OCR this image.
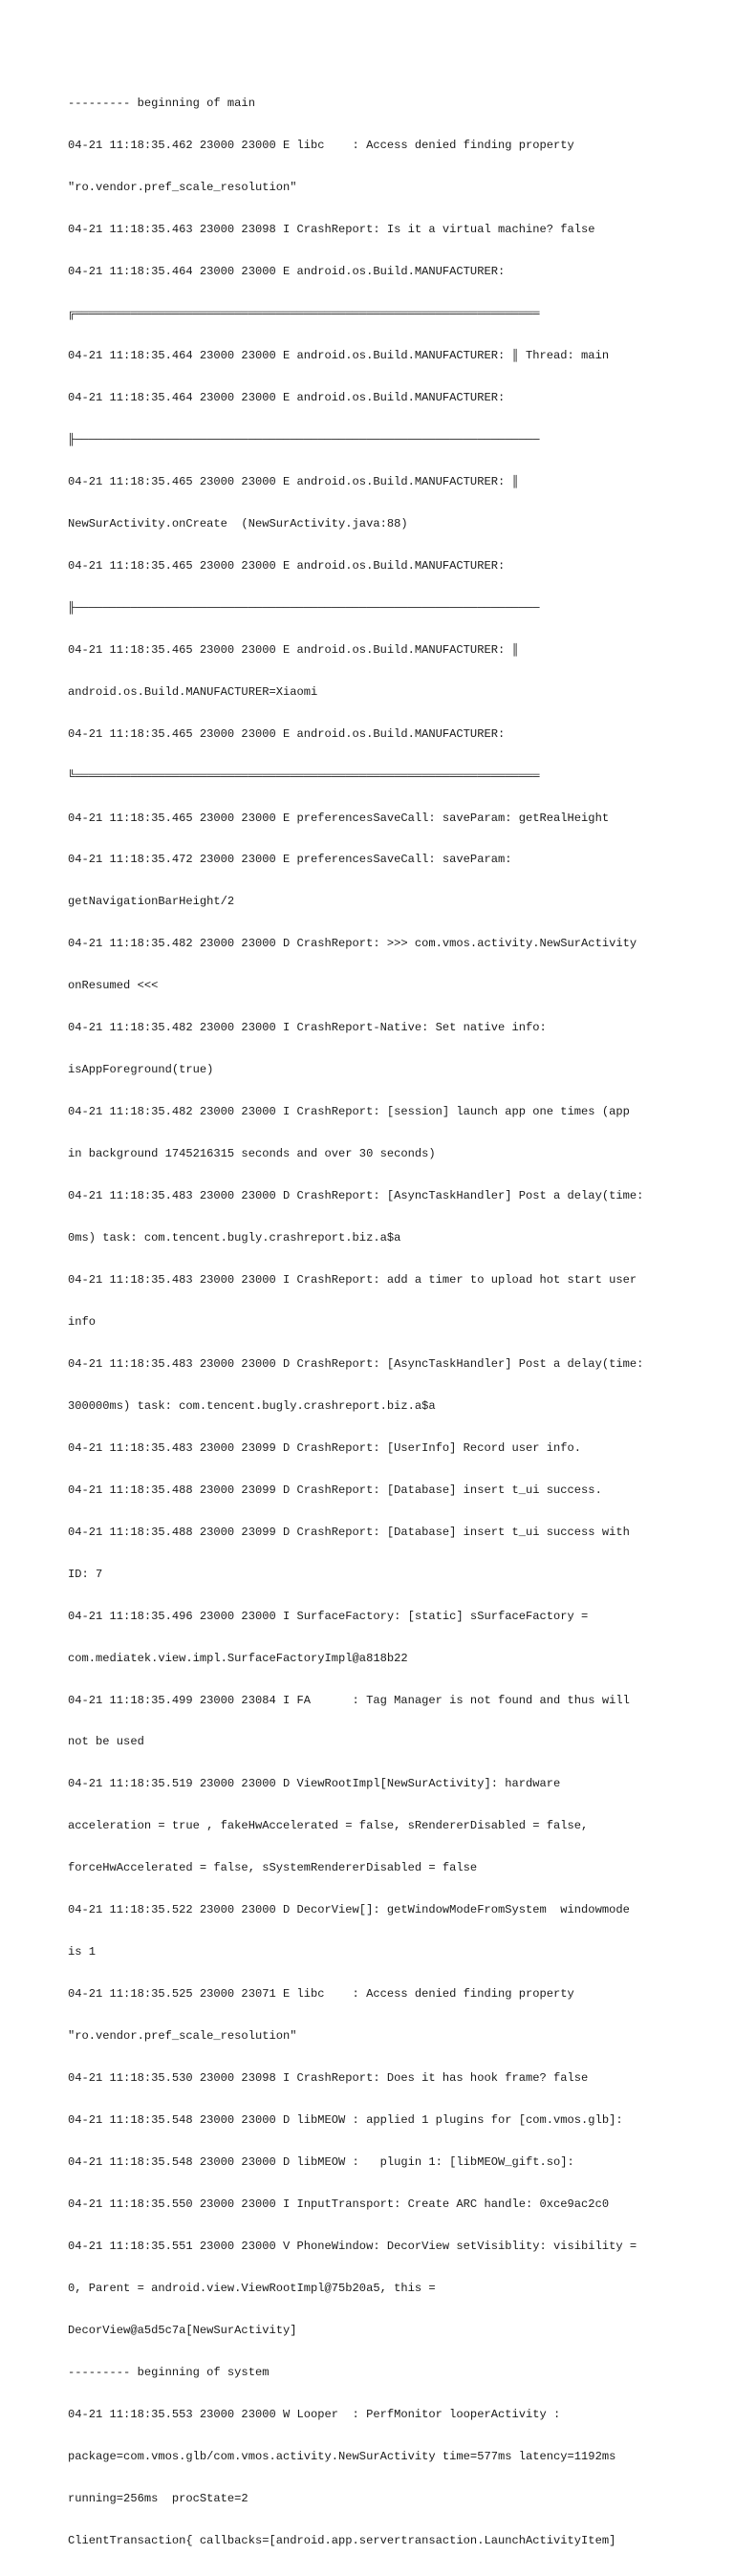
--------- beginning of main

04-21 11:18:35.462 23000 23000 E libc    : Access denied finding property

"ro.vendor.pref_scale_resolution"

04-21 11:18:35.463 23000 23098 I CrashReport: Is it a virtual machine? false

04-21 11:18:35.464 23000 23000 E android.os.Build.MANUFACTURER:

╔═══════════════════════════════════════════════════════════════════

04-21 11:18:35.464 23000 23000 E android.os.Build.MANUFACTURER: ║ Thread: main

04-21 11:18:35.464 23000 23000 E android.os.Build.MANUFACTURER:

╟───────────────────────────────────────────────────────────────────

04-21 11:18:35.465 23000 23000 E android.os.Build.MANUFACTURER: ║

NewSurActivity.onCreate  (NewSurActivity.java:88)

04-21 11:18:35.465 23000 23000 E android.os.Build.MANUFACTURER:

╟───────────────────────────────────────────────────────────────────

04-21 11:18:35.465 23000 23000 E android.os.Build.MANUFACTURER: ║

android.os.Build.MANUFACTURER=Xiaomi

04-21 11:18:35.465 23000 23000 E android.os.Build.MANUFACTURER:

╚═══════════════════════════════════════════════════════════════════

04-21 11:18:35.465 23000 23000 E preferencesSaveCall: saveParam: getRealHeight

04-21 11:18:35.472 23000 23000 E preferencesSaveCall: saveParam:

getNavigationBarHeight/2

04-21 11:18:35.482 23000 23000 D CrashReport: >>> com.vmos.activity.NewSurActivity

onResumed <<<

04-21 11:18:35.482 23000 23000 I CrashReport-Native: Set native info:

isAppForeground(true)

04-21 11:18:35.482 23000 23000 I CrashReport: [session] launch app one times (app

in background 1745216315 seconds and over 30 seconds)

04-21 11:18:35.483 23000 23000 D CrashReport: [AsyncTaskHandler] Post a delay(time:

0ms) task: com.tencent.bugly.crashreport.biz.a$a

04-21 11:18:35.483 23000 23000 I CrashReport: add a timer to upload hot start user

info

04-21 11:18:35.483 23000 23000 D CrashReport: [AsyncTaskHandler] Post a delay(time:

300000ms) task: com.tencent.bugly.crashreport.biz.a$a

04-21 11:18:35.483 23000 23099 D CrashReport: [UserInfo] Record user info.

04-21 11:18:35.488 23000 23099 D CrashReport: [Database] insert t_ui success.

04-21 11:18:35.488 23000 23099 D CrashReport: [Database] insert t_ui success with

ID: 7

04-21 11:18:35.496 23000 23000 I SurfaceFactory: [static] sSurfaceFactory =

com.mediatek.view.impl.SurfaceFactoryImpl@a818b22

04-21 11:18:35.499 23000 23084 I FA      : Tag Manager is not found and thus will

not be used

04-21 11:18:35.519 23000 23000 D ViewRootImpl[NewSurActivity]: hardware

acceleration = true , fakeHwAccelerated = false, sRendererDisabled = false,

forceHwAccelerated = false, sSystemRendererDisabled = false

04-21 11:18:35.522 23000 23000 D DecorView[]: getWindowModeFromSystem  windowmode

is 1

04-21 11:18:35.525 23000 23071 E libc    : Access denied finding property

"ro.vendor.pref_scale_resolution"

04-21 11:18:35.530 23000 23098 I CrashReport: Does it has hook frame? false

04-21 11:18:35.548 23000 23000 D libMEOW : applied 1 plugins for [com.vmos.glb]:

04-21 11:18:35.548 23000 23000 D libMEOW :   plugin 1: [libMEOW_gift.so]:

04-21 11:18:35.550 23000 23000 I InputTransport: Create ARC handle: 0xce9ac2c0

04-21 11:18:35.551 23000 23000 V PhoneWindow: DecorView setVisiblity: visibility =

0, Parent = android.view.ViewRootImpl@75b20a5, this =

DecorView@a5d5c7a[NewSurActivity]

--------- beginning of system

04-21 11:18:35.553 23000 23000 W Looper  : PerfMonitor looperActivity :

package=com.vmos.glb/com.vmos.activity.NewSurActivity time=577ms latency=1192ms

running=256ms  procState=2

ClientTransaction{ callbacks=[android.app.servertransaction.LaunchActivityItem]
